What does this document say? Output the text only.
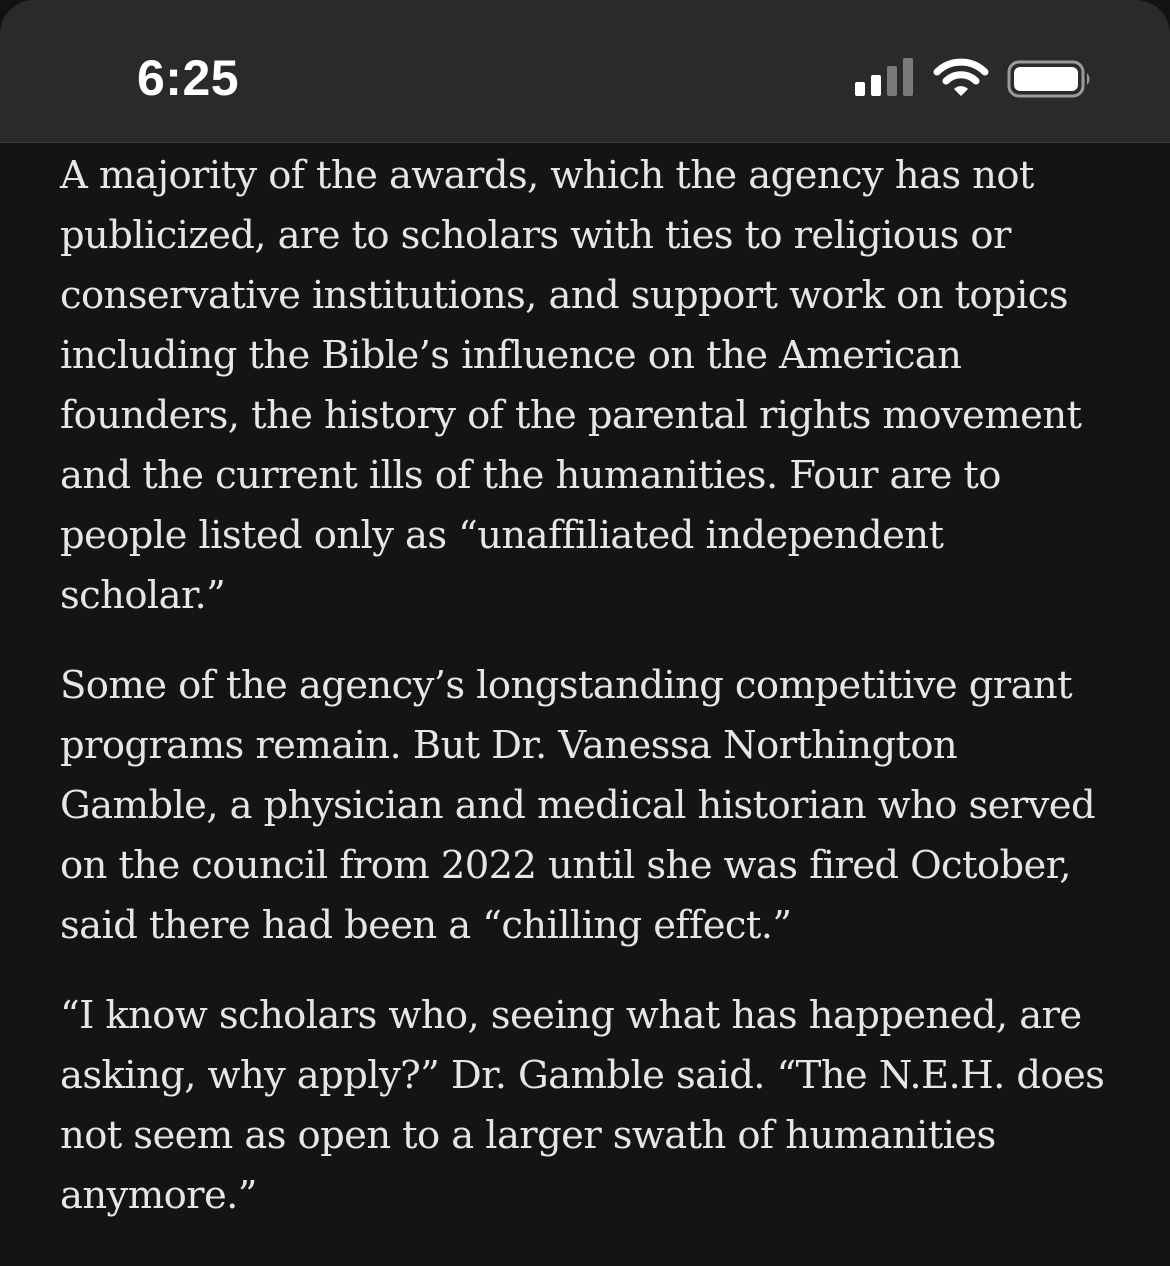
6:25

A majority of the awards, which the agency has not publicized, are to scholars with ties to religious or conservative institutions, and support work on topics including the Bible’s influence on the American founders, the history of the parental rights movement and the current ills of the humanities. Four are to people listed only as “unaffiliated independent scholar.”

Some of the agency’s longstanding competitive grant programs remain. But Dr. Vanessa Northington Gamble, a physician and medical historian who served on the council from 2022 until she was fired October, said there had been a “chilling effect.”

“I know scholars who, seeing what has happened, are asking, why apply?” Dr. Gamble said. “The N.E.H. does not seem as open to a larger swath of humanities anymore.”
